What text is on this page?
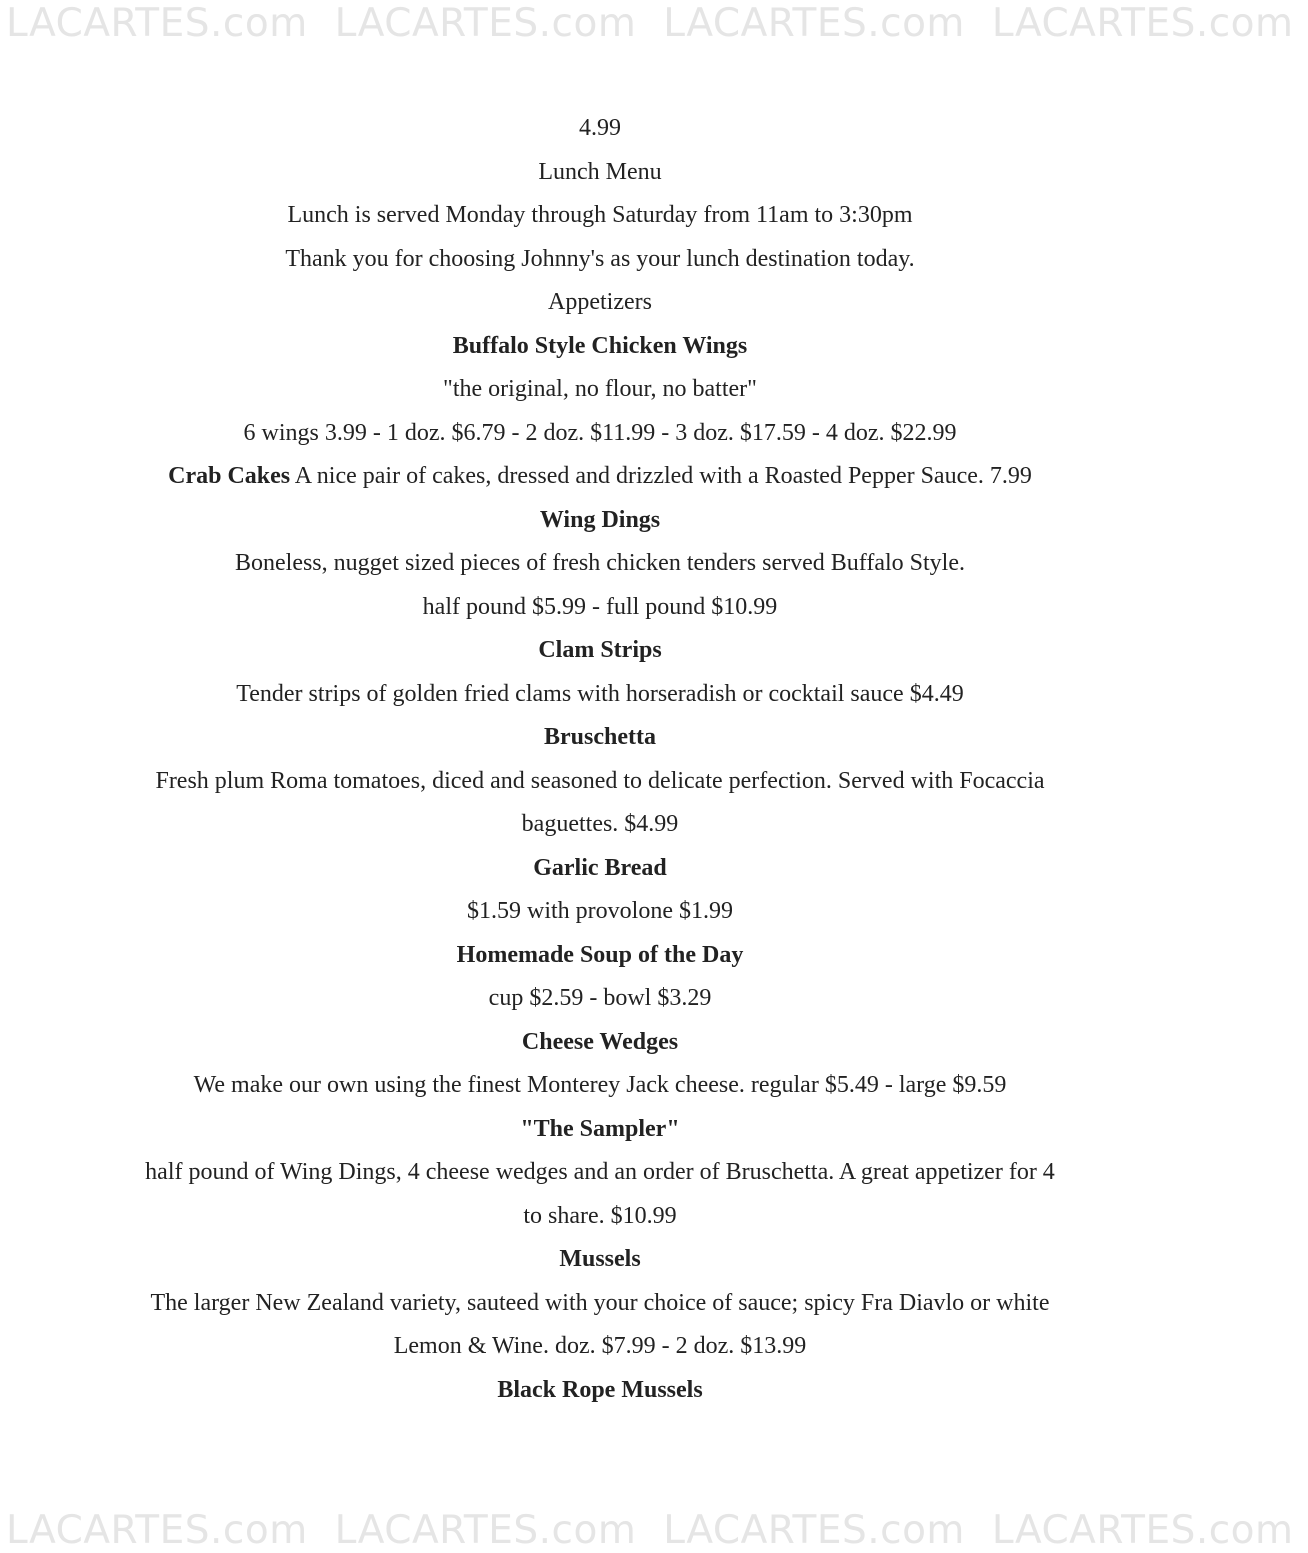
LACARTES.com LACARTES.com LACARTES.com LACARTES.com
4.99
Lunch Menu
Lunch is served Monday through Saturday from 11am to 3:30pm
Thank you for choosing Johnny's as your lunch destination today.
Appetizers
Buffalo Style Chicken Wings
"the original, no flour, no batter"
6 wings 3.99 - 1 doz. $6.79 - 2 doz. $11.99 - 3 doz. $17.59 - 4 doz. $22.99
Crab Cakes A nice pair of cakes, dressed and drizzled with a Roasted Pepper Sauce. 7.99
Wing Dings
Boneless, nugget sized pieces of fresh chicken tenders served Buffalo Style.
half pound $5.99 - full pound $10.99
Clam Strips
Tender strips of golden fried clams with horseradish or cocktail sauce $4.49
Bruschetta
Fresh plum Roma tomatoes, diced and seasoned to delicate perfection. Served with Focaccia
baguettes. $4.99
Garlic Bread
$1.59 with provolone $1.99
Homemade Soup of the Day
cup $2.59 - bowl $3.29
Cheese Wedges
We make our own using the finest Monterey Jack cheese. regular $5.49 - large $9.59
"The Sampler"
half pound of Wing Dings, 4 cheese wedges and an order of Bruschetta. A great appetizer for 4
to share. $10.99
Mussels
The larger New Zealand variety, sauteed with your choice of sauce; spicy Fra Diavlo or white
Lemon & Wine. doz. $7.99 - 2 doz. $13.99
Black Rope Mussels
LACARTES.com LACARTES.com LACARTES.com LACARTES.com
